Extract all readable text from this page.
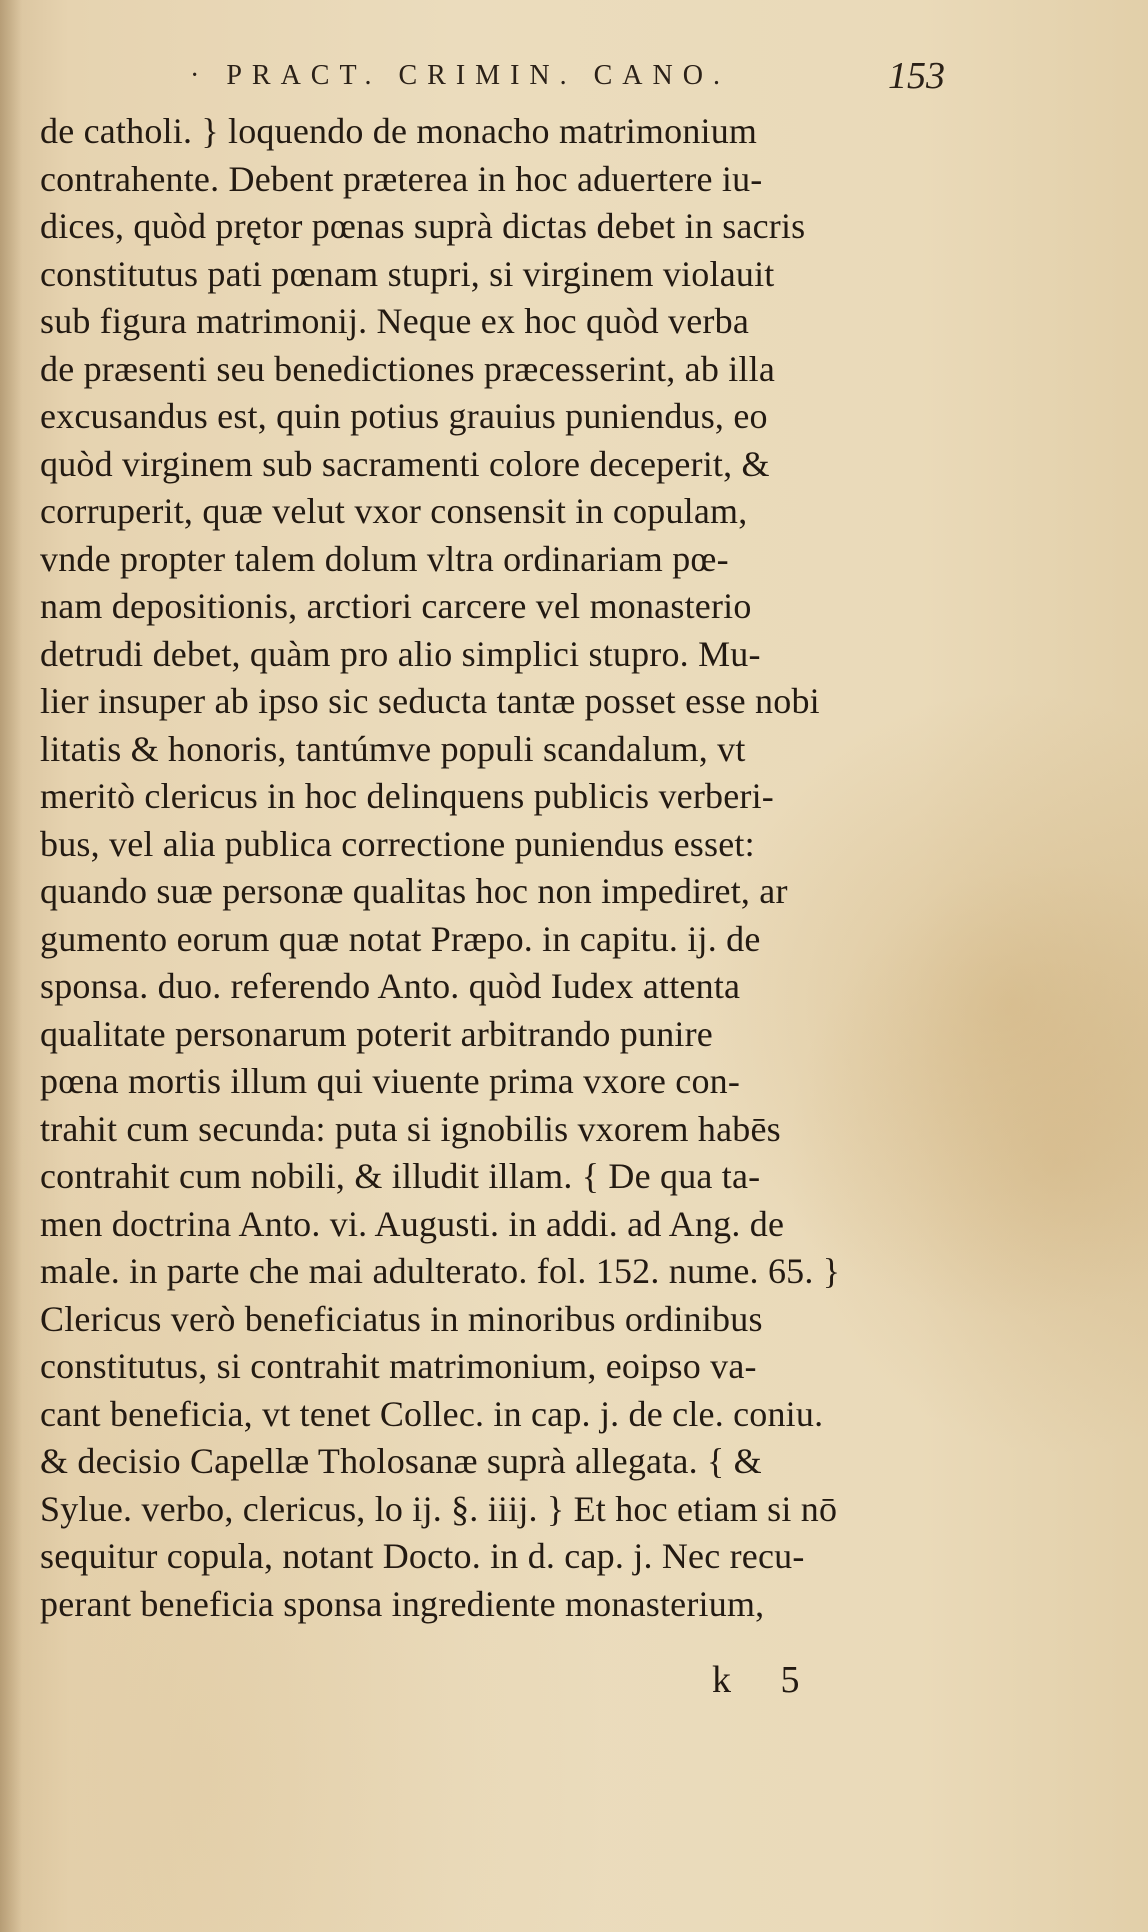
· PRACT. CRIMIN. CANO.	153
de catholi. } loquendo de monacho matrimonium
contrahente. Debent præterea in hoc aduertere iu-
dices, quòd prętor pœnas suprà dictas debet in sacris
constitutus pati pœnam stupri, si virginem violauit
sub figura matrimonij. Neque ex hoc quòd verba
de præsenti seu benedictiones præcesserint, ab illa
excusandus est, quin potius grauius puniendus, eo
quòd virginem sub sacramenti colore deceperit, &
corruperit, quæ velut vxor consensit in copulam,
vnde propter talem dolum vltra ordinariam pœ-
nam depositionis, arctiori carcere vel monasterio
detrudi debet, quàm pro alio simplici stupro. Mu-
lier insuper ab ipso sic seducta tantæ posset esse nobi
litatis & honoris, tantúmve populi scandalum, vt
meritò clericus in hoc delinquens publicis verberi-
bus, vel alia publica correctione puniendus esset:
quando suæ personæ qualitas hoc non impediret, ar
gumento eorum quæ notat Præpo. in capitu. ij. de
sponsa. duo. referendo Anto. quòd Iudex attenta
qualitate personarum poterit arbitrando punire
pœna mortis illum qui viuente prima vxore con-
trahit cum secunda: puta si ignobilis vxorem habēs
contrahit cum nobili, & illudit illam. { De qua ta-
men doctrina Anto. vi. Augusti. in addi. ad Ang. de
male. in parte che mai adulterato. fol. 152. nume. 65. }
Clericus verò beneficiatus in minoribus ordinibus
constitutus, si contrahit matrimonium, eoipso va-
cant beneficia, vt tenet Collec. in cap. j. de cle. coniu.
& decisio Capellæ Tholosanæ suprà allegata. { &
Sylue. verbo, clericus, lo ij. §. iiij. } Et hoc etiam si nō
sequitur copula, notant Docto. in d. cap. j. Nec recu-
perant beneficia sponsa ingrediente monasterium,
k 5
